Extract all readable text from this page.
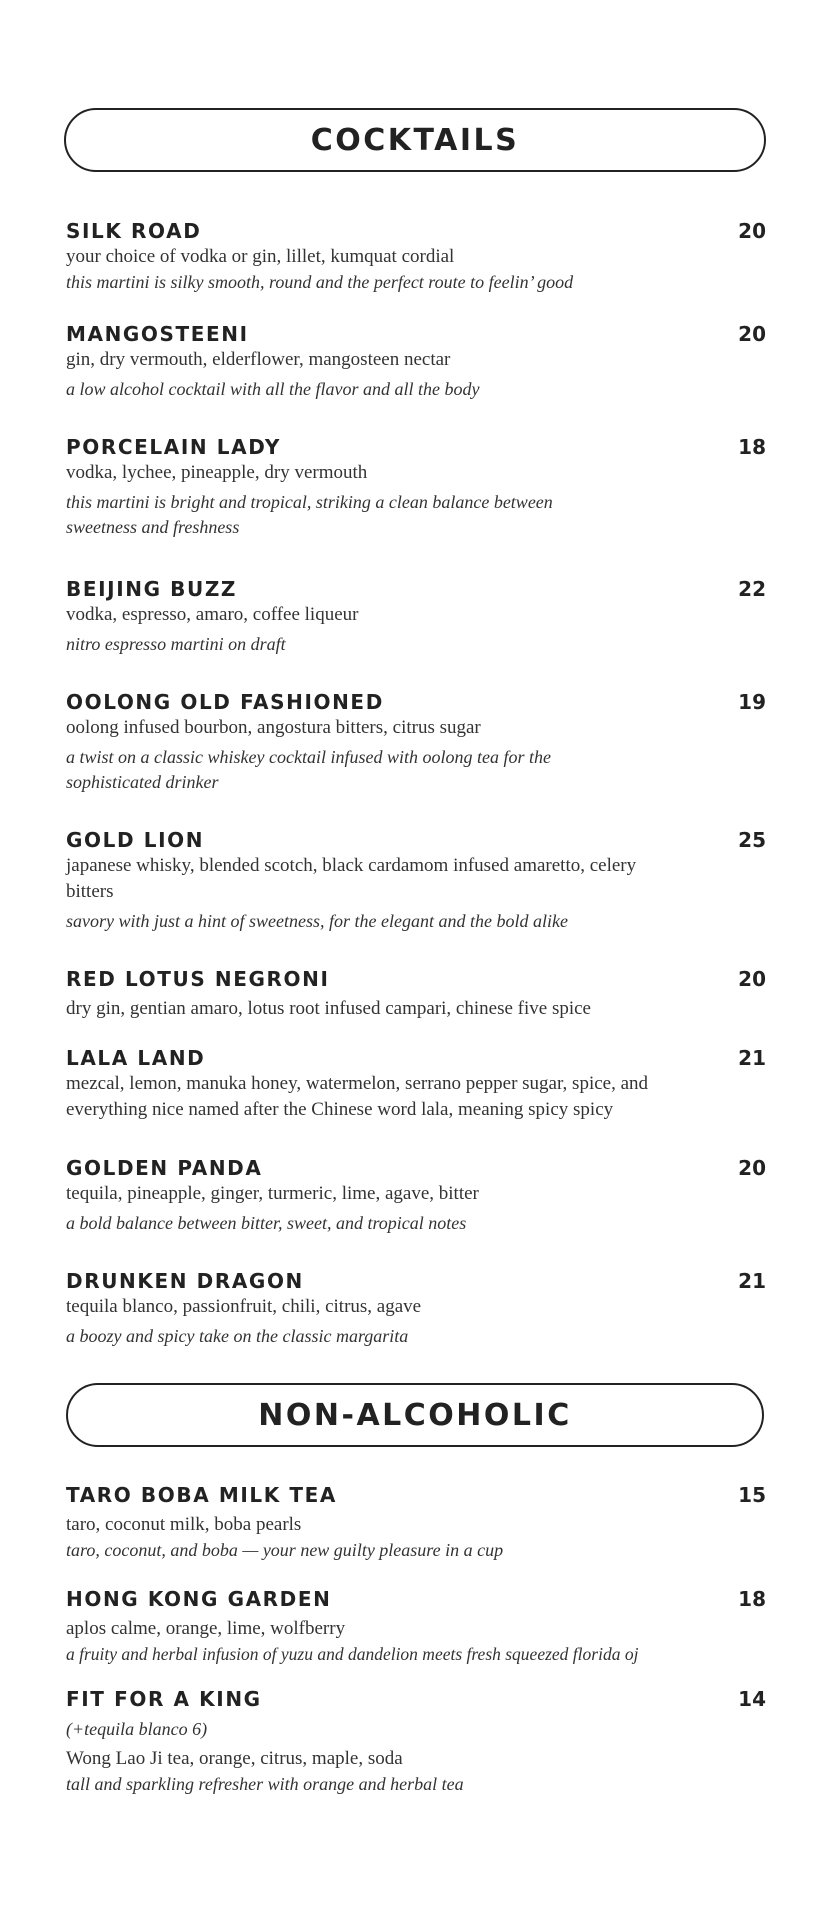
COCKTAILS
SILK ROAD	20
your choice of vodka or gin, lillet, kumquat cordial
this martini is silky smooth, round and the perfect route to feelin’ good
MANGOSTEENI	20
gin, dry vermouth, elderflower, mangosteen nectar
a low alcohol cocktail with all the flavor and all the body
PORCELAIN LADY	18
vodka, lychee, pineapple, dry vermouth
this martini is bright and tropical, striking a clean balance between sweetness and freshness
BEIJING BUZZ	22
vodka, espresso, amaro, coffee liqueur
nitro espresso martini on draft
OOLONG OLD FASHIONED	19
oolong infused bourbon, angostura bitters, citrus sugar
a twist on a classic whiskey cocktail infused with oolong tea for the sophisticated drinker
GOLD LION	25
japanese whisky, blended scotch, black cardamom infused amaretto, celery bitters
savory with just a hint of sweetness, for the elegant and the bold alike
RED LOTUS NEGRONI	20
dry gin, gentian amaro, lotus root infused campari, chinese five spice
LALA LAND	21
mezcal, lemon, manuka honey, watermelon, serrano pepper sugar, spice, and everything nice named after the Chinese word lala, meaning spicy spicy
GOLDEN PANDA	20
tequila, pineapple, ginger, turmeric, lime, agave, bitter
a bold balance between bitter, sweet, and tropical notes
DRUNKEN DRAGON	21
tequila blanco, passionfruit, chili, citrus, agave
a boozy and spicy take on the classic margarita
NON-ALCOHOLIC
TARO BOBA MILK TEA	15
taro, coconut milk, boba pearls
taro, coconut, and boba — your new guilty pleasure in a cup
HONG KONG GARDEN	18
aplos calme, orange, lime, wolfberry
a fruity and herbal infusion of yuzu and dandelion meets fresh squeezed florida oj
FIT FOR A KING	14
(+tequila blanco 6)
Wong Lao Ji tea, orange, citrus, maple, soda
tall and sparkling refresher with orange and herbal tea
